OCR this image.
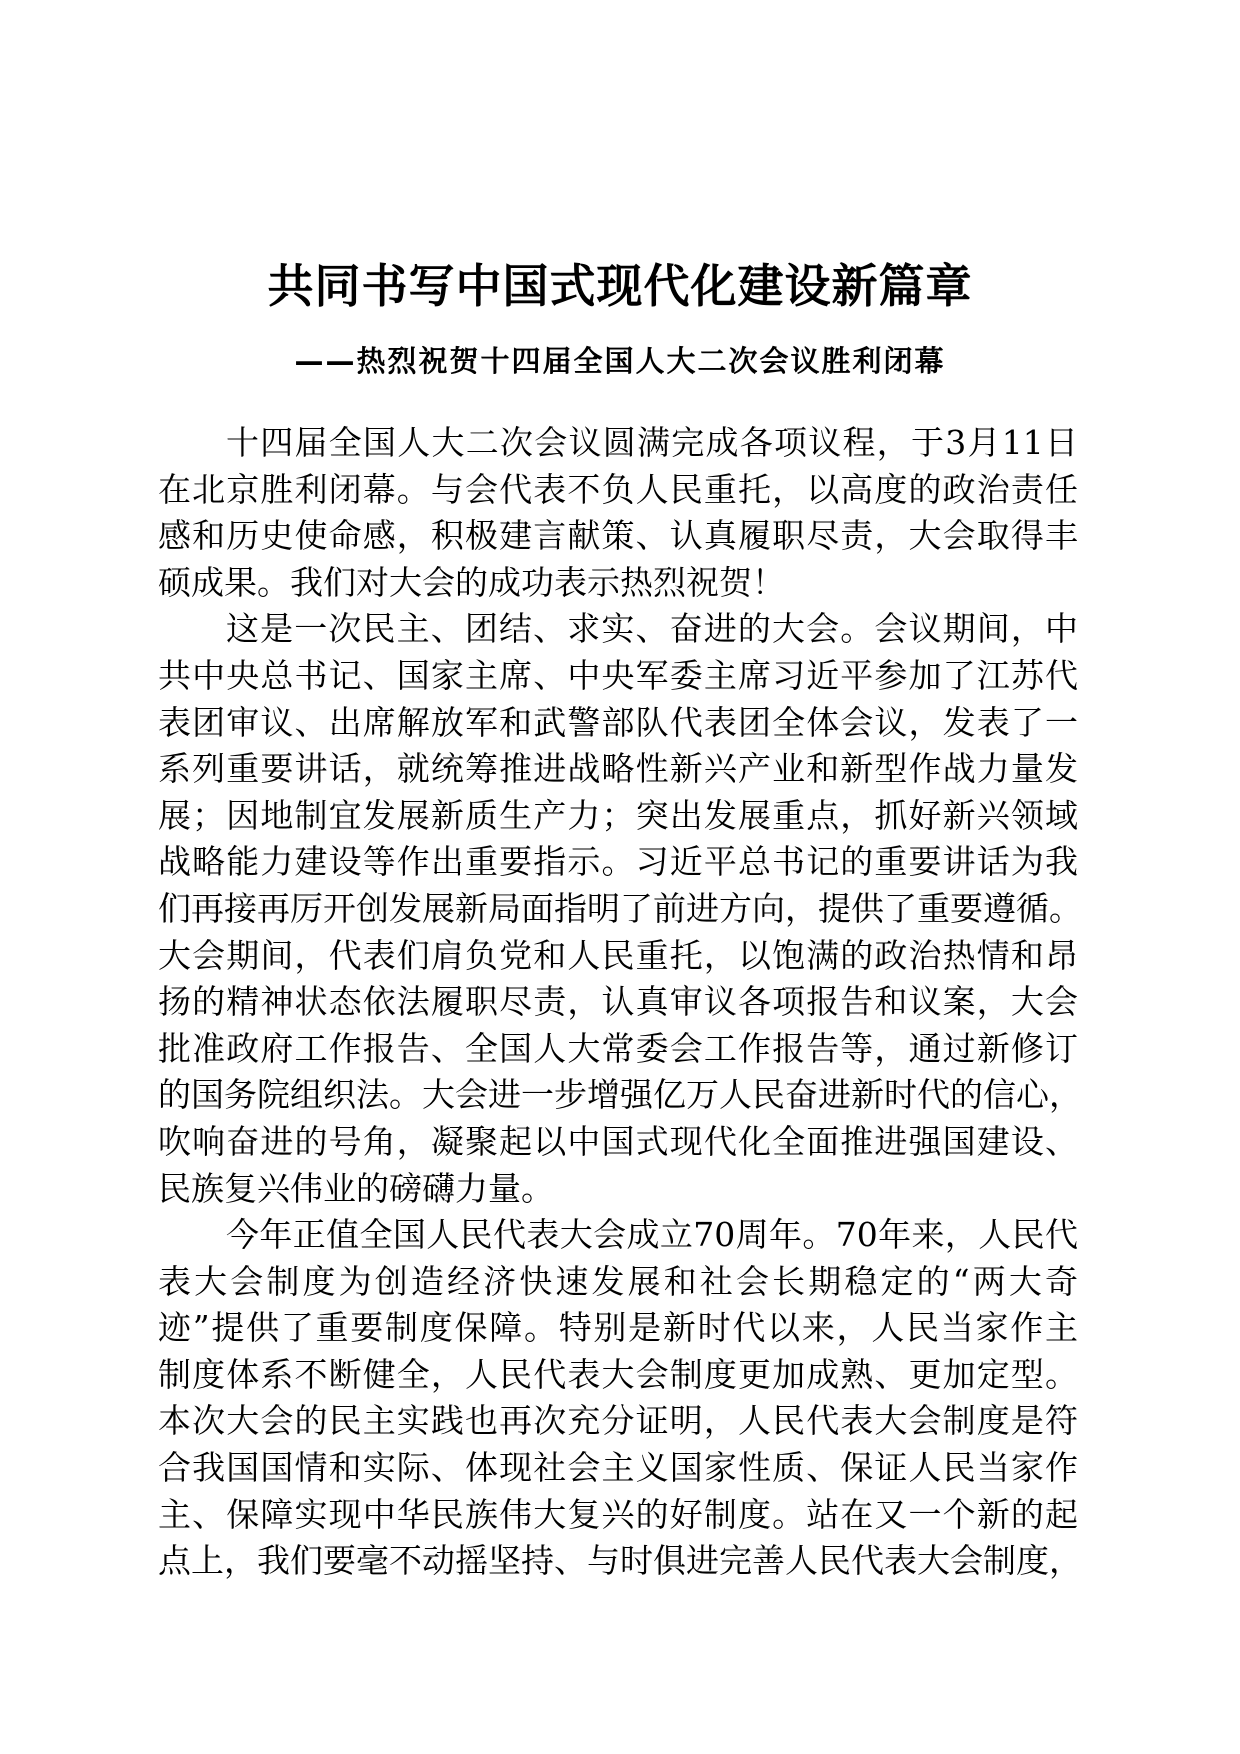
共同书写中国式现代化建设新篇章
——热烈祝贺十四届全国人大二次会议胜利闭幕
十四届全国人大二次会议圆满完成各项议程，于3月11日
在北京胜利闭幕。与会代表不负人民重托，以高度的政治责任
感和历史使命感，积极建言献策、认真履职尽责，大会取得丰
硕成果。我们对大会的成功表示热烈祝贺！
这是一次民主、团结、求实、奋进的大会。会议期间，中
共中央总书记、国家主席、中央军委主席习近平参加了江苏代
表团审议、出席解放军和武警部队代表团全体会议，发表了一
系列重要讲话，就统筹推进战略性新兴产业和新型作战力量发
展；因地制宜发展新质生产力；突出发展重点，抓好新兴领域
战略能力建设等作出重要指示。习近平总书记的重要讲话为我
们再接再厉开创发展新局面指明了前进方向，提供了重要遵循。
大会期间，代表们肩负党和人民重托，以饱满的政治热情和昂
扬的精神状态依法履职尽责，认真审议各项报告和议案，大会
批准政府工作报告、全国人大常委会工作报告等，通过新修订
的国务院组织法。大会进一步增强亿万人民奋进新时代的信心，
吹响奋进的号角，凝聚起以中国式现代化全面推进强国建设、
民族复兴伟业的磅礴力量。
今年正值全国人民代表大会成立70周年。70年来，人民代
表大会制度为创造经济快速发展和社会长期稳定的“两大奇
迹”提供了重要制度保障。特别是新时代以来，人民当家作主
制度体系不断健全，人民代表大会制度更加成熟、更加定型。
本次大会的民主实践也再次充分证明，人民代表大会制度是符
合我国国情和实际、体现社会主义国家性质、保证人民当家作
主、保障实现中华民族伟大复兴的好制度。站在又一个新的起
点上，我们要毫不动摇坚持、与时俱进完善人民代表大会制度，
